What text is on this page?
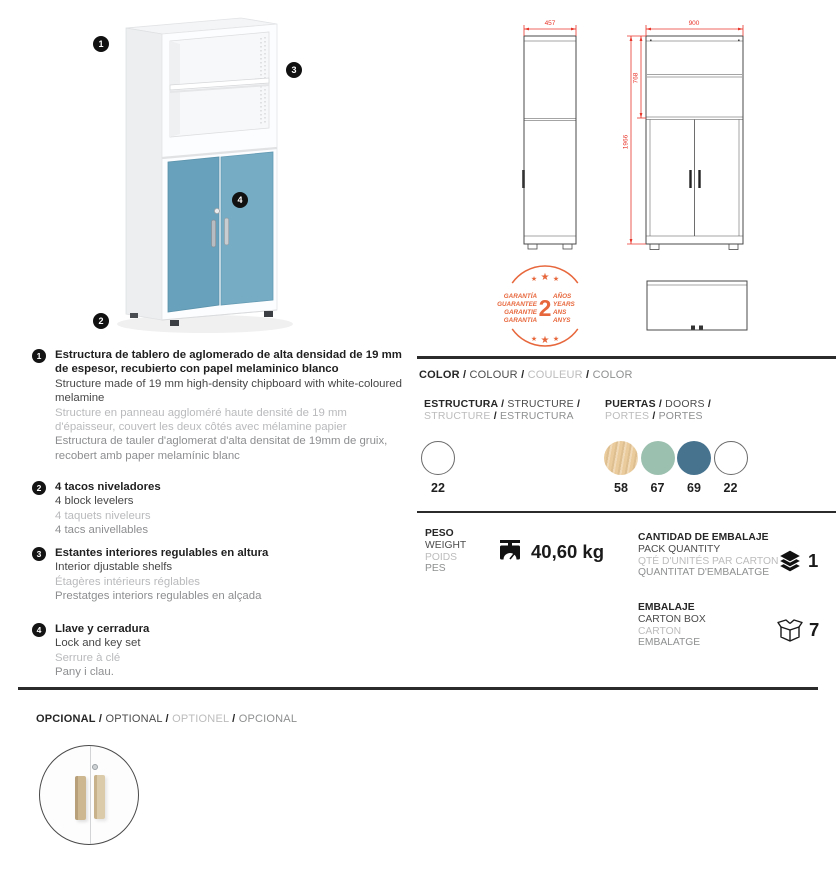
1
3
4
2
457	900
1966
768
★ ★ ★
★ ★ ★
GARANTÍA
GUARANTEE
GARANTIE
GARANTIA
AÑOS
YEARS
ANS
ANYS
2
1	Estructura de tablero de aglomerado de alta densidad de 19 mm de espesor, recubierto con papel melaminico blanco
Structure made of 19 mm high-density chipboard with white-coloured melamine
Structure en panneau aggloméré haute densité de 19 mm d'épaisseur, couvert les deux côtés avec mélamine papier
Estructura de tauler d'aglomerat d'alta densitat de 19mm de gruix, recobert amb paper melamínic blanc
2	4 tacos niveladores
4 block levelers
4 taquets niveleurs
4 tacs anivellables
3	Estantes interiores regulables en altura
Interior djustable shelfs
Étagères intérieurs réglables
Prestatges interiors regulables en alçada
4	Llave y cerradura
Lock and key set
Serrure à clé
Pany i clau.
COLOR / COLOUR / COULEUR / COLOR
ESTRUCTURA / STRUCTURE /
STRUCTURE / ESTRUCTURA
PUERTAS / DOORS /
PORTES / PORTES
22	58	67	69	22
PESO
WEIGHT
POIDS
PES
40,60 kg
CANTIDAD DE EMBALAJE
PACK QUANTITY
QTÉ D'UNITÉS PAR CARTON
QUANTITAT D'EMBALATGE
1
EMBALAJE
CARTON BOX
CARTON
EMBALATGE
7
OPCIONAL / OPTIONAL / OPTIONEL / OPCIONAL
